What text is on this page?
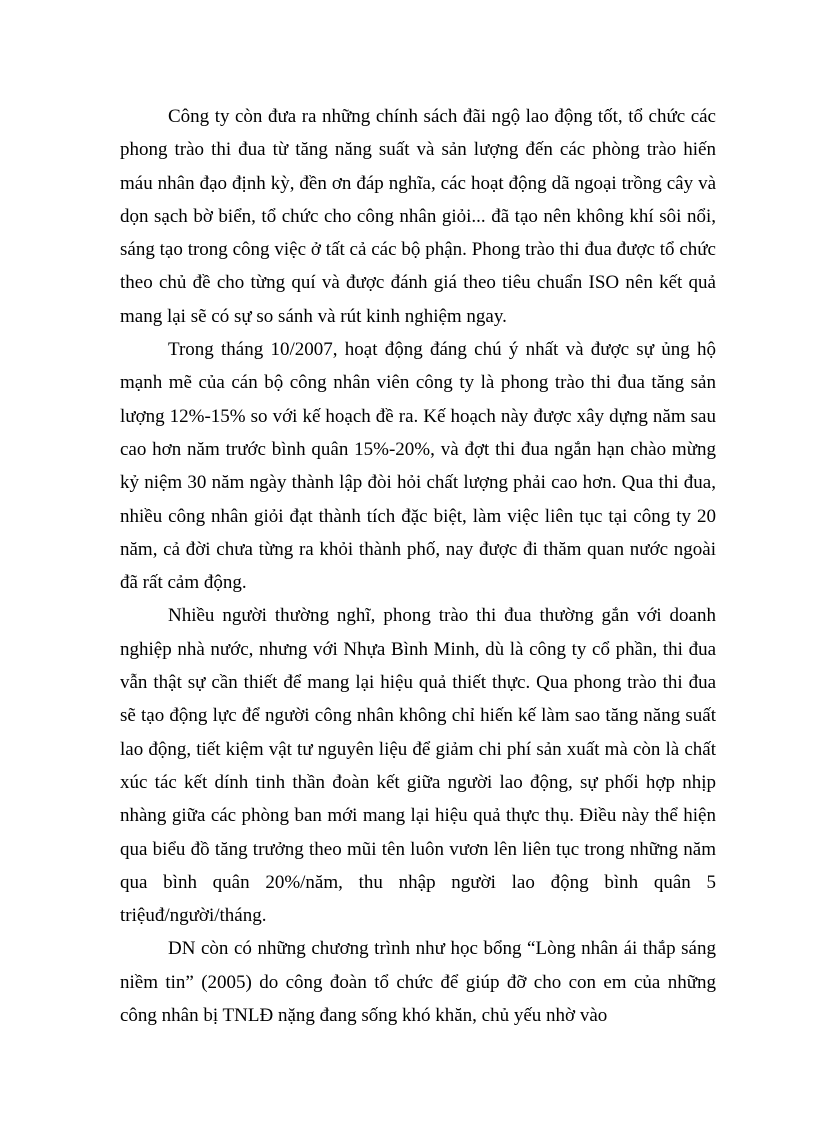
Công ty còn đưa ra những chính sách đãi ngộ lao động tốt, tổ chức các phong trào thi đua từ tăng năng suất và sản lượng đến các phòng trào hiến máu nhân đạo định kỳ, đền ơn đáp nghĩa, các hoạt động dã ngoại trồng cây và dọn sạch bờ biển, tổ chức cho công nhân giỏi... đã tạo nên không khí sôi nổi, sáng tạo trong công việc ở tất cả các bộ phận. Phong trào thi đua được tổ chức theo chủ đề cho từng quí và được đánh giá theo tiêu chuẩn ISO nên kết quả mang lại sẽ có sự so sánh và rút kinh nghiệm ngay.

Trong tháng 10/2007, hoạt động đáng chú ý nhất và được sự ủng hộ mạnh mẽ của cán bộ công nhân viên công ty là phong trào thi đua tăng sản lượng 12%-15% so với kế hoạch đề ra. Kế hoạch này được xây dựng năm sau cao hơn năm trước bình quân 15%-20%, và đợt thi đua ngắn hạn chào mừng kỷ niệm 30 năm ngày thành lập đòi hỏi chất lượng phải cao hơn. Qua thi đua, nhiều công nhân giỏi đạt thành tích đặc biệt, làm việc liên tục tại công ty 20 năm, cả đời chưa từng ra khỏi thành phố, nay được đi thăm quan nước ngoài đã rất cảm động.

Nhiều người thường nghĩ, phong trào thi đua thường gắn với doanh nghiệp nhà nước, nhưng với Nhựa Bình Minh, dù là công ty cổ phần, thi đua vẫn thật sự cần thiết để mang lại hiệu quả thiết thực. Qua phong trào thi đua sẽ tạo động lực để người công nhân không chỉ hiến kế làm sao tăng năng suất lao động, tiết kiệm vật tư nguyên liệu để giảm chi phí sản xuất mà còn là chất xúc tác kết dính tinh thần đoàn kết giữa người lao động, sự phối hợp nhịp nhàng giữa các phòng ban mới mang lại hiệu quả thực thụ. Điều này thể hiện qua biểu đồ tăng trưởng theo mũi tên luôn vươn lên liên tục trong những năm qua bình quân 20%/năm, thu nhập người lao động bình quân 5 triệuđ/người/tháng.

DN còn có những chương trình như học bổng “Lòng nhân ái thắp sáng niềm tin” (2005) do công đoàn tổ chức để giúp đỡ cho con em của những công nhân bị TNLĐ nặng đang sống khó khăn, chủ yếu nhờ vào
